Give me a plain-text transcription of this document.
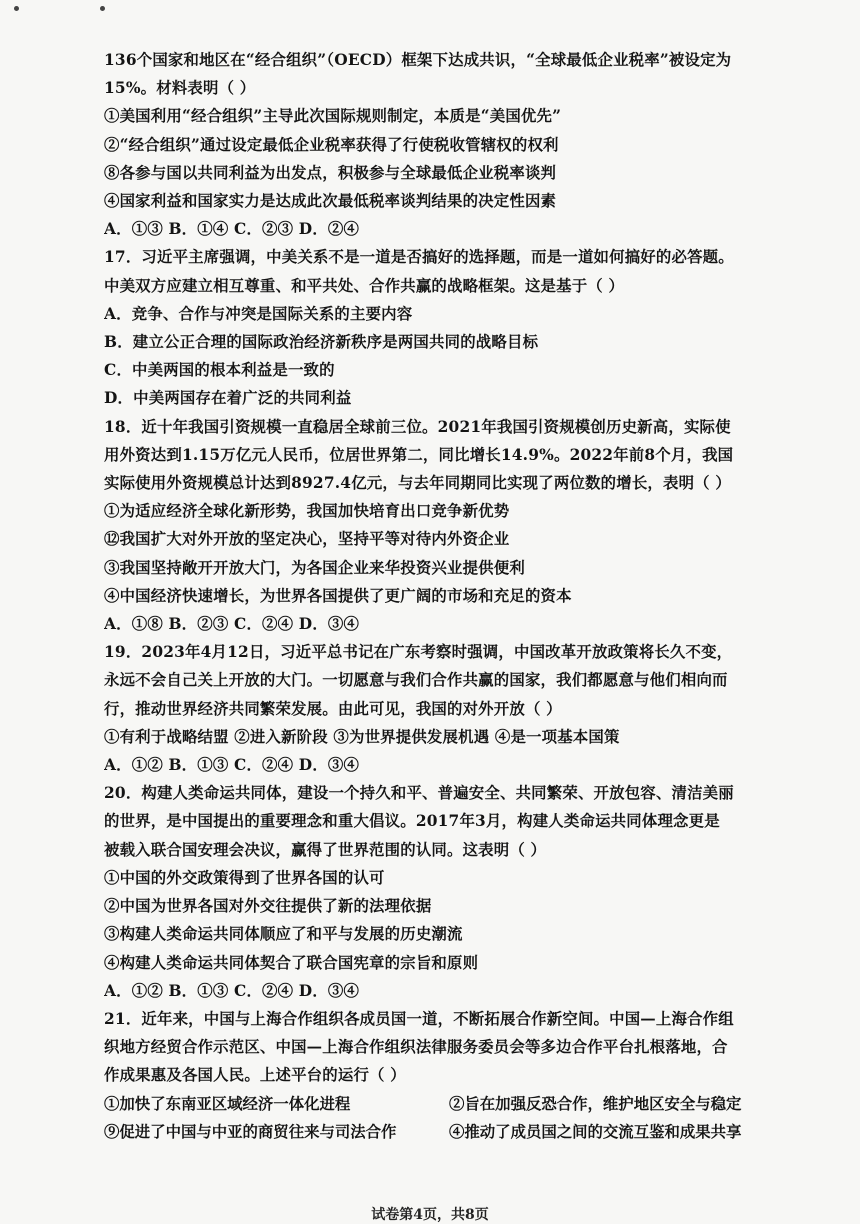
136个国家和地区在“经合组织”（OECD）框架下达成共识，“全球最低企业税率”被设定为
15%。材料表明（ ）
①美国利用“经合组织”主导此次国际规则制定，本质是“美国优先”
②“经合组织”通过设定最低企业税率获得了行使税收管辖权的权利
⑧各参与国以共同利益为出发点，积极参与全球最低企业税率谈判
④国家利益和国家实力是达成此次最低税率谈判结果的决定性因素
A．①③ B．①④ C．②③ D．②④
17．习近平主席强调，中美关系不是一道是否搞好的选择题，而是一道如何搞好的必答题。
中美双方应建立相互尊重、和平共处、合作共赢的战略框架。这是基于（ ）
A．竞争、合作与冲突是国际关系的主要内容
B．建立公正合理的国际政治经济新秩序是两国共同的战略目标
C．中美两国的根本利益是一致的
D．中美两国存在着广泛的共同利益
18．近十年我国引资规模一直稳居全球前三位。2021年我国引资规模创历史新高，实际使
用外资达到1.15万亿元人民币，位居世界第二，同比增长14.9%。2022年前8个月，我国
实际使用外资规模总计达到8927.4亿元，与去年同期同比实现了两位数的增长，表明（ ）
①为适应经济全球化新形势，我国加快培育出口竞争新优势
⑫我国扩大对外开放的坚定决心，坚持平等对待内外资企业
③我国坚持敞开开放大门，为各国企业来华投资兴业提供便利
④中国经济快速增长，为世界各国提供了更广阔的市场和充足的资本
A．①⑧ B．②③ C．②④ D．③④
19．2023年4月12日，习近平总书记在广东考察时强调，中国改革开放政策将长久不变，
永远不会自己关上开放的大门。一切愿意与我们合作共赢的国家，我们都愿意与他们相向而
行，推动世界经济共同繁荣发展。由此可见，我国的对外开放（ ）
①有利于战略结盟 ②进入新阶段 ③为世界提供发展机遇 ④是一项基本国策
A．①② B．①③ C．②④ D．③④
20．构建人类命运共同体，建设一个持久和平、普遍安全、共同繁荣、开放包容、清洁美丽
的世界，是中国提出的重要理念和重大倡议。2017年3月，构建人类命运共同体理念更是
被载入联合国安理会决议，赢得了世界范围的认同。这表明（ ）
①中国的外交政策得到了世界各国的认可
②中国为世界各国对外交往提供了新的法理依据
③构建人类命运共同体顺应了和平与发展的历史潮流
④构建人类命运共同体契合了联合国宪章的宗旨和原则
A．①② B．①③ C．②④ D．③④
21．近年来，中国与上海合作组织各成员国一道，不断拓展合作新空间。中国—上海合作组
织地方经贸合作示范区、中国—上海合作组织法律服务委员会等多边合作平台扎根落地，合
作成果惠及各国人民。上述平台的运行（ ）
①加快了东南亚区域经济一体化进程	②旨在加强反恐合作，维护地区安全与稳定
⑨促进了中国与中亚的商贸往来与司法合作	④推动了成员国之间的交流互鉴和成果共享
试卷第4页，共8页
